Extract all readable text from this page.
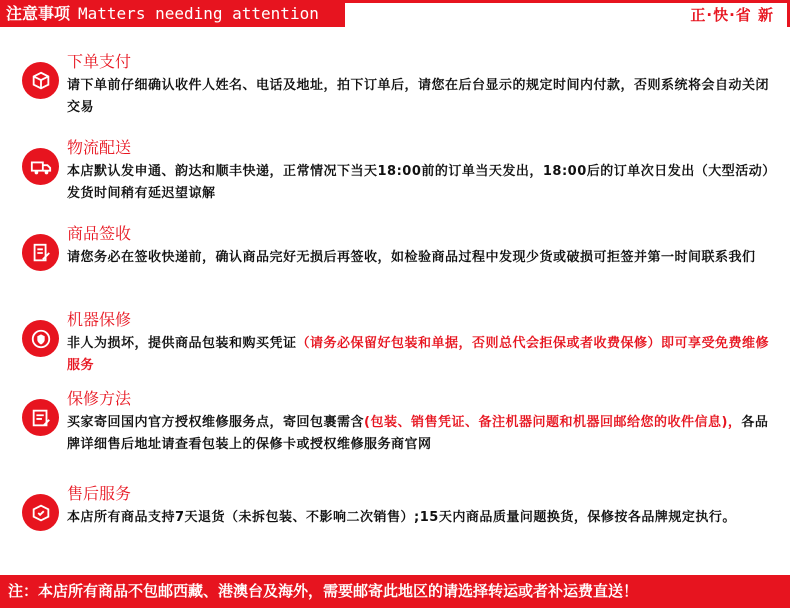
注意事项 Matters needing attention	正·快·省 新
下单支付
请下单前仔细确认收件人姓名、电话及地址，拍下订单后，请您在后台显示的规定时间内付款，否则系统将会自动关闭交易
物流配送
本店默认发申通、韵达和顺丰快递，正常情况下当天18:00前的订单当天发出，18:00后的订单次日发出（大型活动）发货时间稍有延迟望谅解
商品签收
请您务必在签收快递前，确认商品完好无损后再签收，如检验商品过程中发现少货或破损可拒签并第一时间联系我们
机器保修
非人为损坏，提供商品包装和购买凭证（请务必保留好包装和单据，否则总代会拒保或者收费保修）即可享受免费维修服务
保修方法
买家寄回国内官方授权维修服务点，寄回包裹需含(包装、销售凭证、备注机器问题和机器回邮给您的收件信息)，各品牌详细售后地址请查看包装上的保修卡或授权维修服务商官网
售后服务
本店所有商品支持7天退货（未拆包装、不影响二次销售）;15天内商品质量问题换货，保修按各品牌规定执行。
注：本店所有商品不包邮西藏、港澳台及海外，需要邮寄此地区的请选择转运或者补运费直送！
